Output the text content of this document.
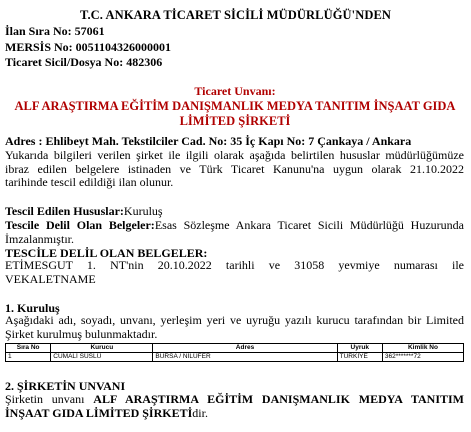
T.C. ANKARA TİCARET SİCİLİ MÜDÜRLÜĞÜ'NDEN
İlan Sıra No: 57061
MERSİS No: 0051104326000001
Ticaret Sicil/Dosya No: 482306
Ticaret Unvanı:
ALF ARAŞTIRMA EĞİTİM DANIŞMANLIK MEDYA TANITIM İNŞAAT GIDA
LİMİTED ŞİRKETİ
Adres : Ehlibeyt Mah. Tekstilciler Cad. No: 35 İç Kapı No: 7 Çankaya / Ankara
Yukarıda bilgileri verilen şirket ile ilgili olarak aşağıda belirtilen hususlar müdürlüğümüze
ibraz edilen belgelere istinaden ve Türk Ticaret Kanunu'na uygun olarak 21.10.2022
tarihinde tescil edildiği ilan olunur.
Tescil Edilen Hususlar:Kuruluş
Tescile Delil Olan Belgeler:Esas Sözleşme Ankara Ticaret Sicili Müdürlüğü Huzurunda
İmzalanmıştır.
TESCİLE DELİL OLAN BELGELER:
ETİMESGUT 1. NT'nin 20.10.2022 tarihli ve 31058 yevmiye numarası ile
VEKALETNAME
1. Kuruluş
Aşağıdaki adı, soyadı, unvanı, yerleşim yeri ve uyruğu yazılı kurucu tarafından bir Limited
Şirket kurulmuş bulunmaktadır.
Sıra No	Kurucu	Adres	Uyruk	Kimlik No
1	CUMALİ SÜSLÜ	BURSA / NİLÜFER	TÜRKİYE	362*******72
2. ŞİRKETİN UNVANI
Şirketin unvanı ALF ARAŞTIRMA EĞİTİM DANIŞMANLIK MEDYA TANITIM
İNŞAAT GIDA LİMİTED ŞİRKETİdir.
